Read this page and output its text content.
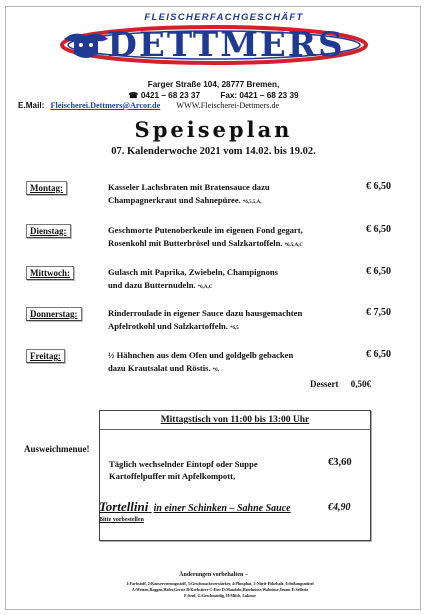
FLEISCHERFACHGESCHÄFT
DETTMERS
Farger Straße 104, 28777 Bremen,
☎ 0421 – 68 23 37 Fax: 0421 – 68 23 39
E.Mail: Fleischerei.Dettmers@Arcor.de WWW.Fleischerei-Dettmers.de
Speiseplan
07. Kalenderwoche 2021 vom 14.02. bis 19.02.
Montag:	Kasseler Lachsbraten mit Bratensauce dazu
Champagnerkraut und Sahnepüree. *6,5,5,A,
€ 6,50
Dienstag:	Geschmorte Putenoberkeule im eigenen Fond gegart,
Rosenkohl mit Butterbrösel und Salzkartoffeln. *6,5,A,C
€ 6,50
Mittwoch:	Gulasch mit Paprika, Zwiebeln, Champignons
und dazu Butternudeln. *6,A,C
€ 6,50
Donnerstag:	Rinderroulade in eigener Sauce dazu hausgemachten
Apfelrotkohl und Salzkartoffeln. *6,5
€ 7,50
Freitag:	½ Hähnchen aus dem Ofen und goldgelb gebacken
dazu Krautsalat und Röstis. *6,
€ 6,50
Dessert 0,50€
Mittagstisch von 11:00 bis 13:00 Uhr
Ausweichmenue!
Täglich wechselnder Eintopf oder Suppe
Kartoffelpuffer mit Apfelkompott,
€3,60
Tortellini in einer Schinken – Sahne Sauce	€4,90
Bitte vorbestellen
Änderungen vorbehalten –
1:Farbstoff, 2:Konservierungsstoff, 3:Geschmacksverstärker, 4:Phosphat, 5:Nitrit-Pökelsalz, 6:Süßungsmittel
A:Weizen,Roggen,Hafer,Gerste B:Krebstiere C:Eier D:Mandeln,Haselnüsse,Walnüsse,Sesam E:Sellerie
F:Senf, G:Geschmeidig, H:Milch, Laktose
